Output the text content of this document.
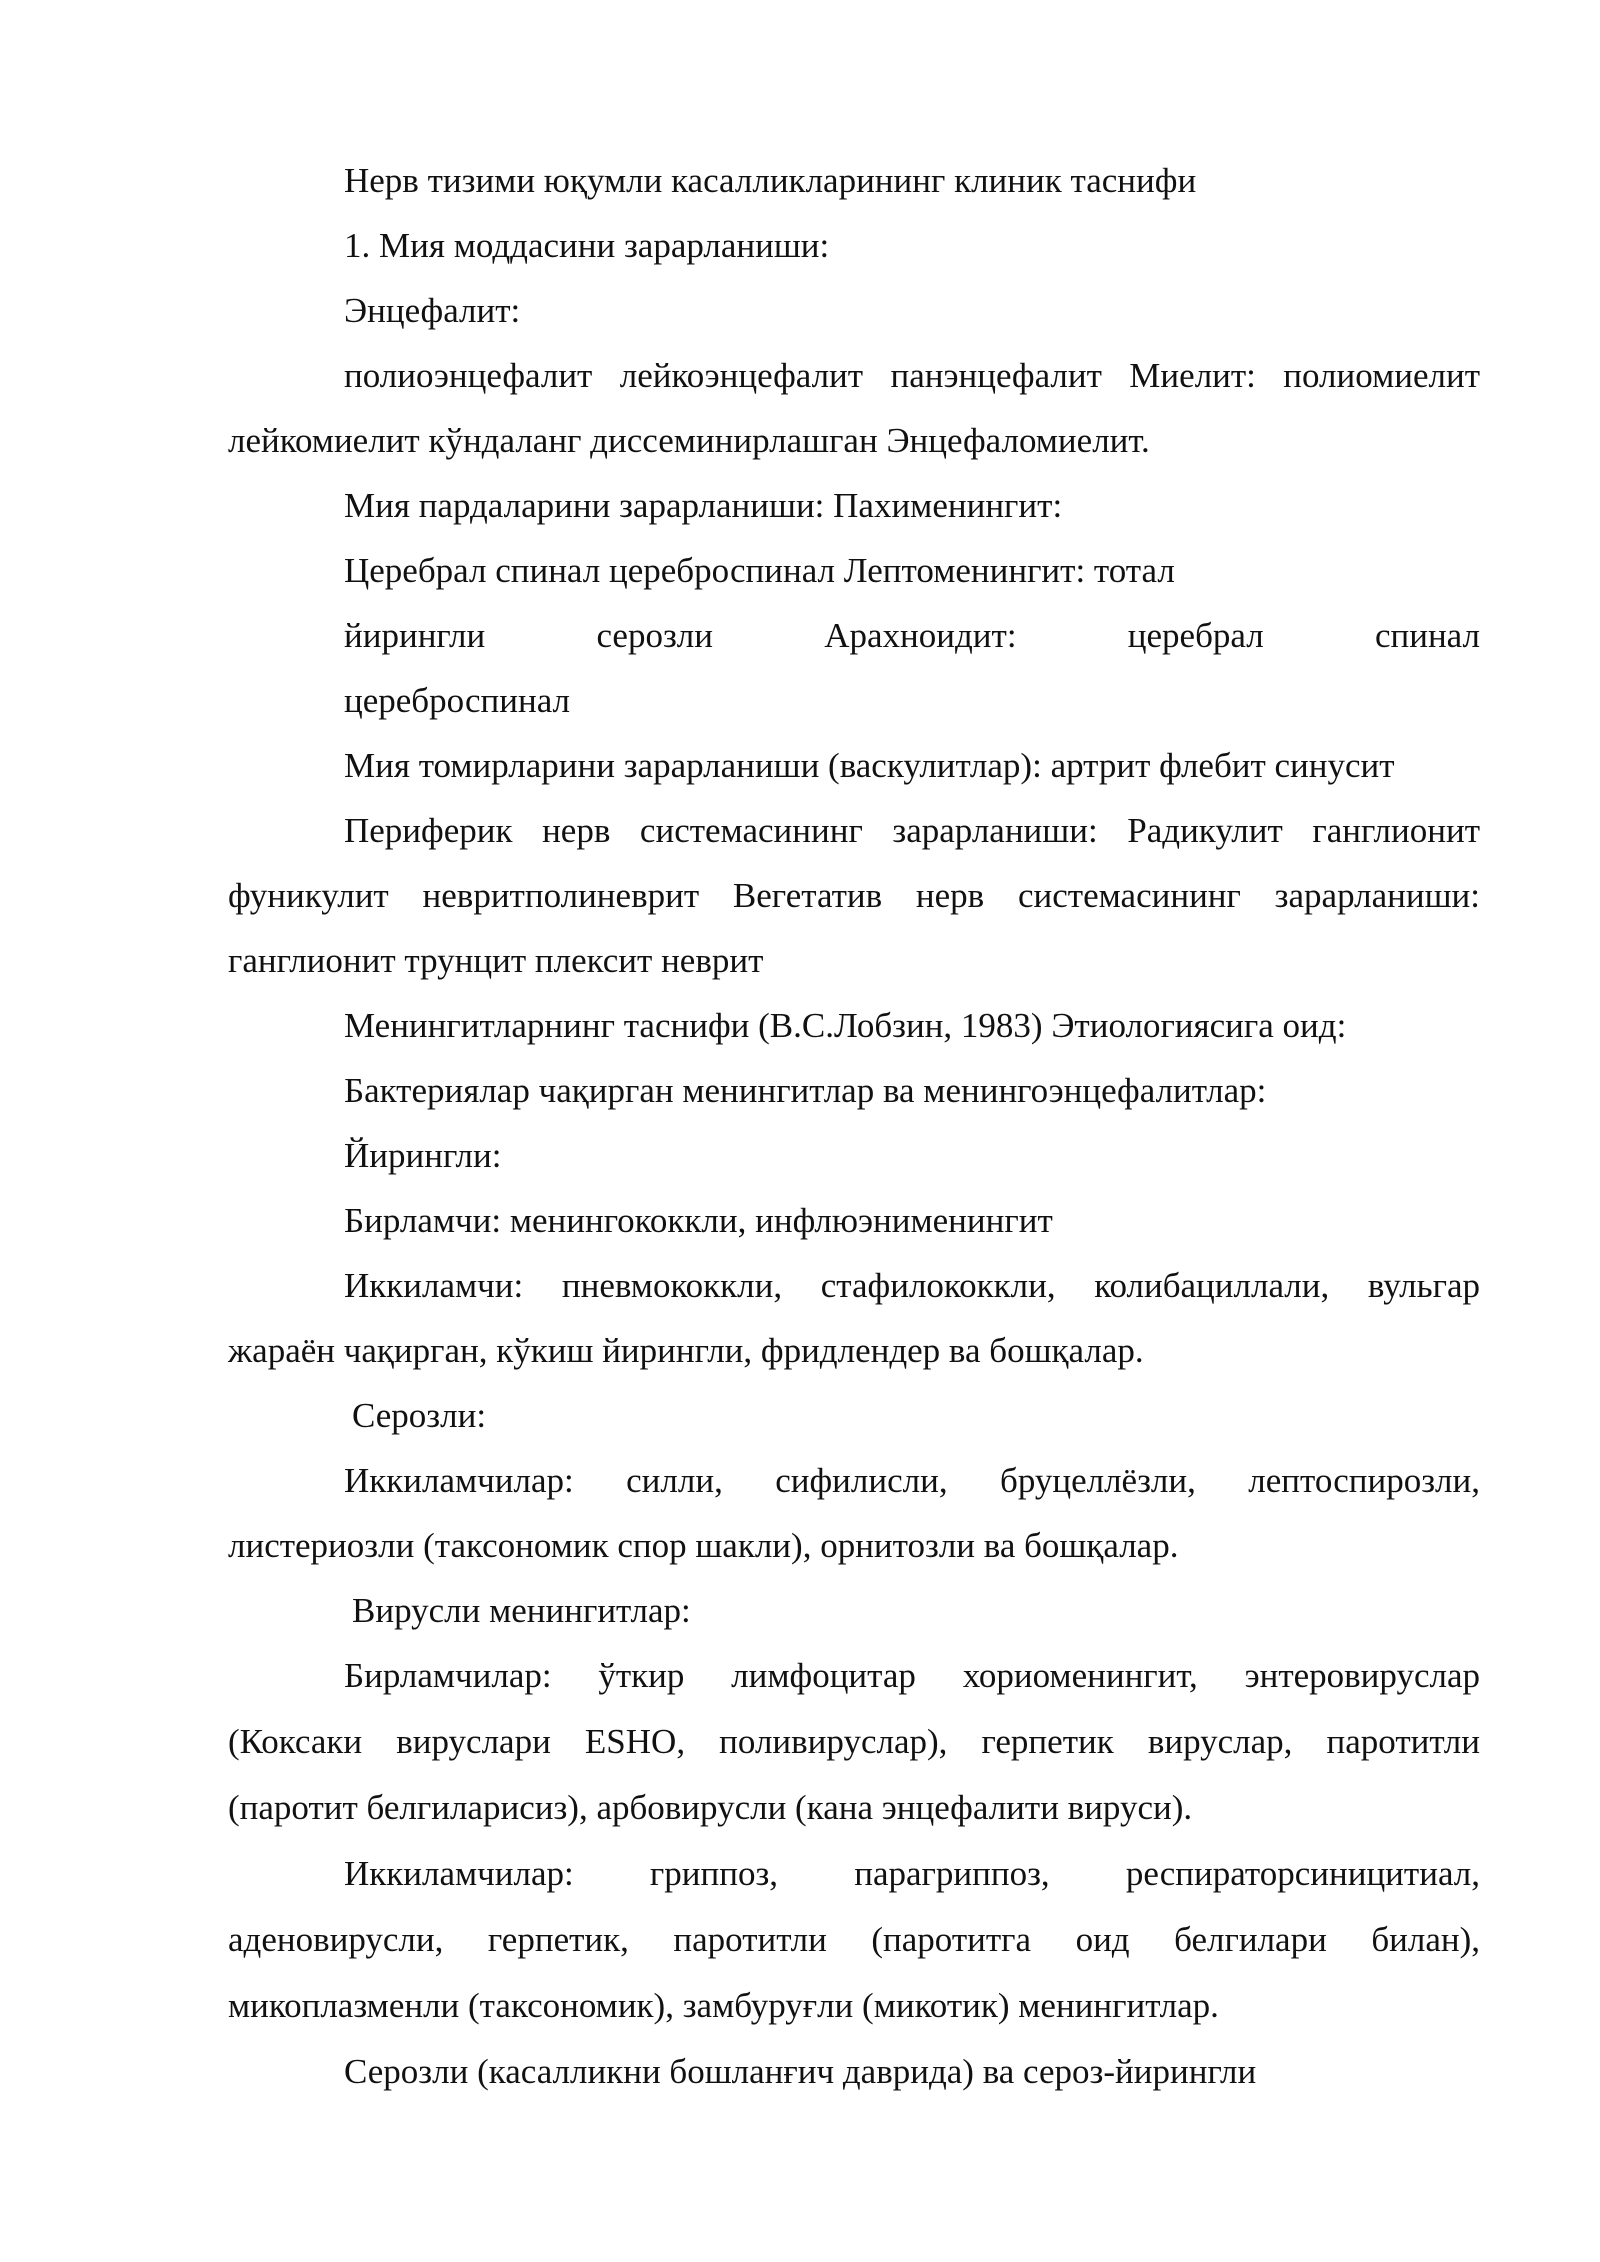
Нерв тизими юқумли касалликларининг клиник таснифи
1. Мия моддасини зарарланиши:
Энцефалит:
полиоэнцефалит лейкоэнцефалит панэнцефалит Миелит: полиомиелит
лейкомиелит кўндаланг диссеминирлашган Энцефаломиелит.
Мия пардаларини зарарланиши: Пахименингит:
Церебрал спинал цереброспинал Лептоменингит: тотал
йирингли серозли Арахноидит: церебрал спинал
цереброспинал
Мия томирларини зарарланиши (васкулитлар): артрит флебит синусит
Периферик нерв системасининг зарарланиши: Радикулит ганглионит
фуникулит невритполиневрит Вегетатив нерв системасининг зарарланиши:
ганглионит трунцит плексит неврит
Менингитларнинг таснифи (В.С.Лобзин, 1983) Этиологиясига оид:
Бактериялар чақирган менингитлар ва менингоэнцефалитлар:
Йирингли:
Бирламчи: менингококкли, инфлюэнименингит
Иккиламчи: пневмококкли, стафилококкли, колибациллали, вульгар
жараён чақирган, кўкиш йирингли, фридлендер ва бошқалар.
Серозли:
Иккиламчилар: силли, сифилисли, бруцеллёзли, лептоспирозли,
листериозли (таксономик спор шакли), орнитозли ва бошқалар.
Вирусли менингитлар:
Бирламчилар: ўткир лимфоцитар хориоменингит, энтеровируслар
(Коксаки вируслари ESHO, поливируслар), герпетик вируслар, паротитли
(паротит белгиларисиз), арбовирусли (кана энцефалити вируси).
Иккиламчилар: гриппоз, парагриппоз, респираторсиницитиал,
аденовирусли, герпетик, паротитли (паротитга оид белгилари билан),
микоплазменли (таксономик), замбуруғли (микотик) менингитлар.
Серозли (касалликни бошланғич даврида) ва сероз-йирингли
